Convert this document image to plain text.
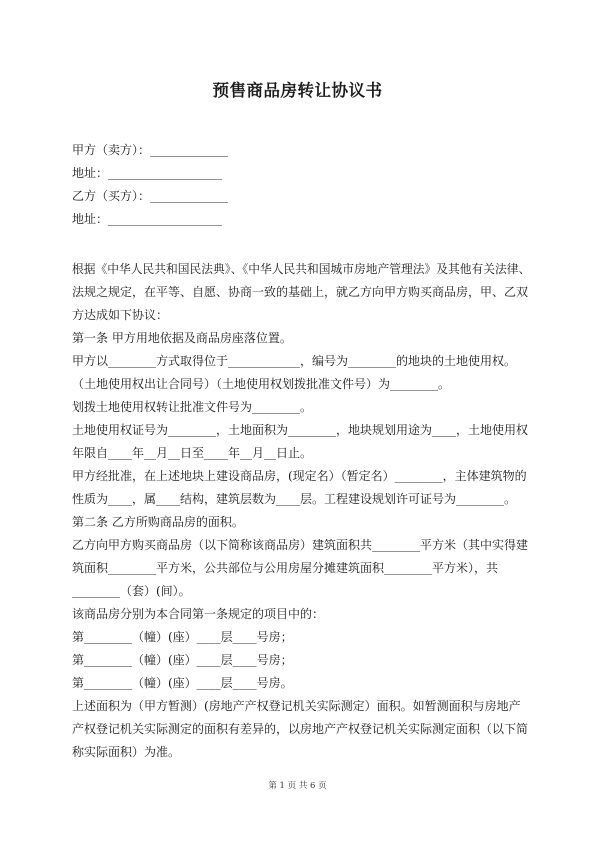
预售商品房转让协议书
甲方（卖方）：_____________
地址：___________________
乙方（买方）：_____________
地址：___________________
根据《中华人民共和国民法典》、《中华人民共和国城市房地产管理法》及其他有关法律、
法规之规定，在平等、自愿、协商一致的基础上，就乙方向甲方购买商品房，甲、乙双
方达成如下协议：
第一条 甲方用地依据及商品房座落位置。
甲方以________方式取得位于____________，编号为________的地块的土地使用权。
（土地使用权出让合同号）（土地使用权划拨批准文件号）为________。
划拨土地使用权转让批准文件号为________。
土地使用权证号为________，土地面积为________，地块规划用途为____，土地使用权
年限自____年__月__日至____年__月__日止。
甲方经批准，在上述地块上建设商品房，(现定名）（暂定名）________，主体建筑物的
性质为____，属____结构，建筑层数为____层。工程建设规划许可证号为________。
第二条 乙方所购商品房的面积。
乙方向甲方购买商品房（以下简称该商品房）建筑面积共________平方米（其中实得建
筑面积________平方米，公共部位与公用房屋分摊建筑面积________平方米），共
________（套）(间）。
该商品房分别为本合同第一条规定的项目中的：
第________（幢）(座）____层____号房；
第________（幢）(座）____层____号房；
第________（幢）(座）____层____号房。
上述面积为（甲方暂测）(房地产产权登记机关实际测定）面积。如暂测面积与房地产
产权登记机关实际测定的面积有差异的，以房地产产权登记机关实际测定面积（以下简
称实际面积）为准。
第 1 页 共 6 页
